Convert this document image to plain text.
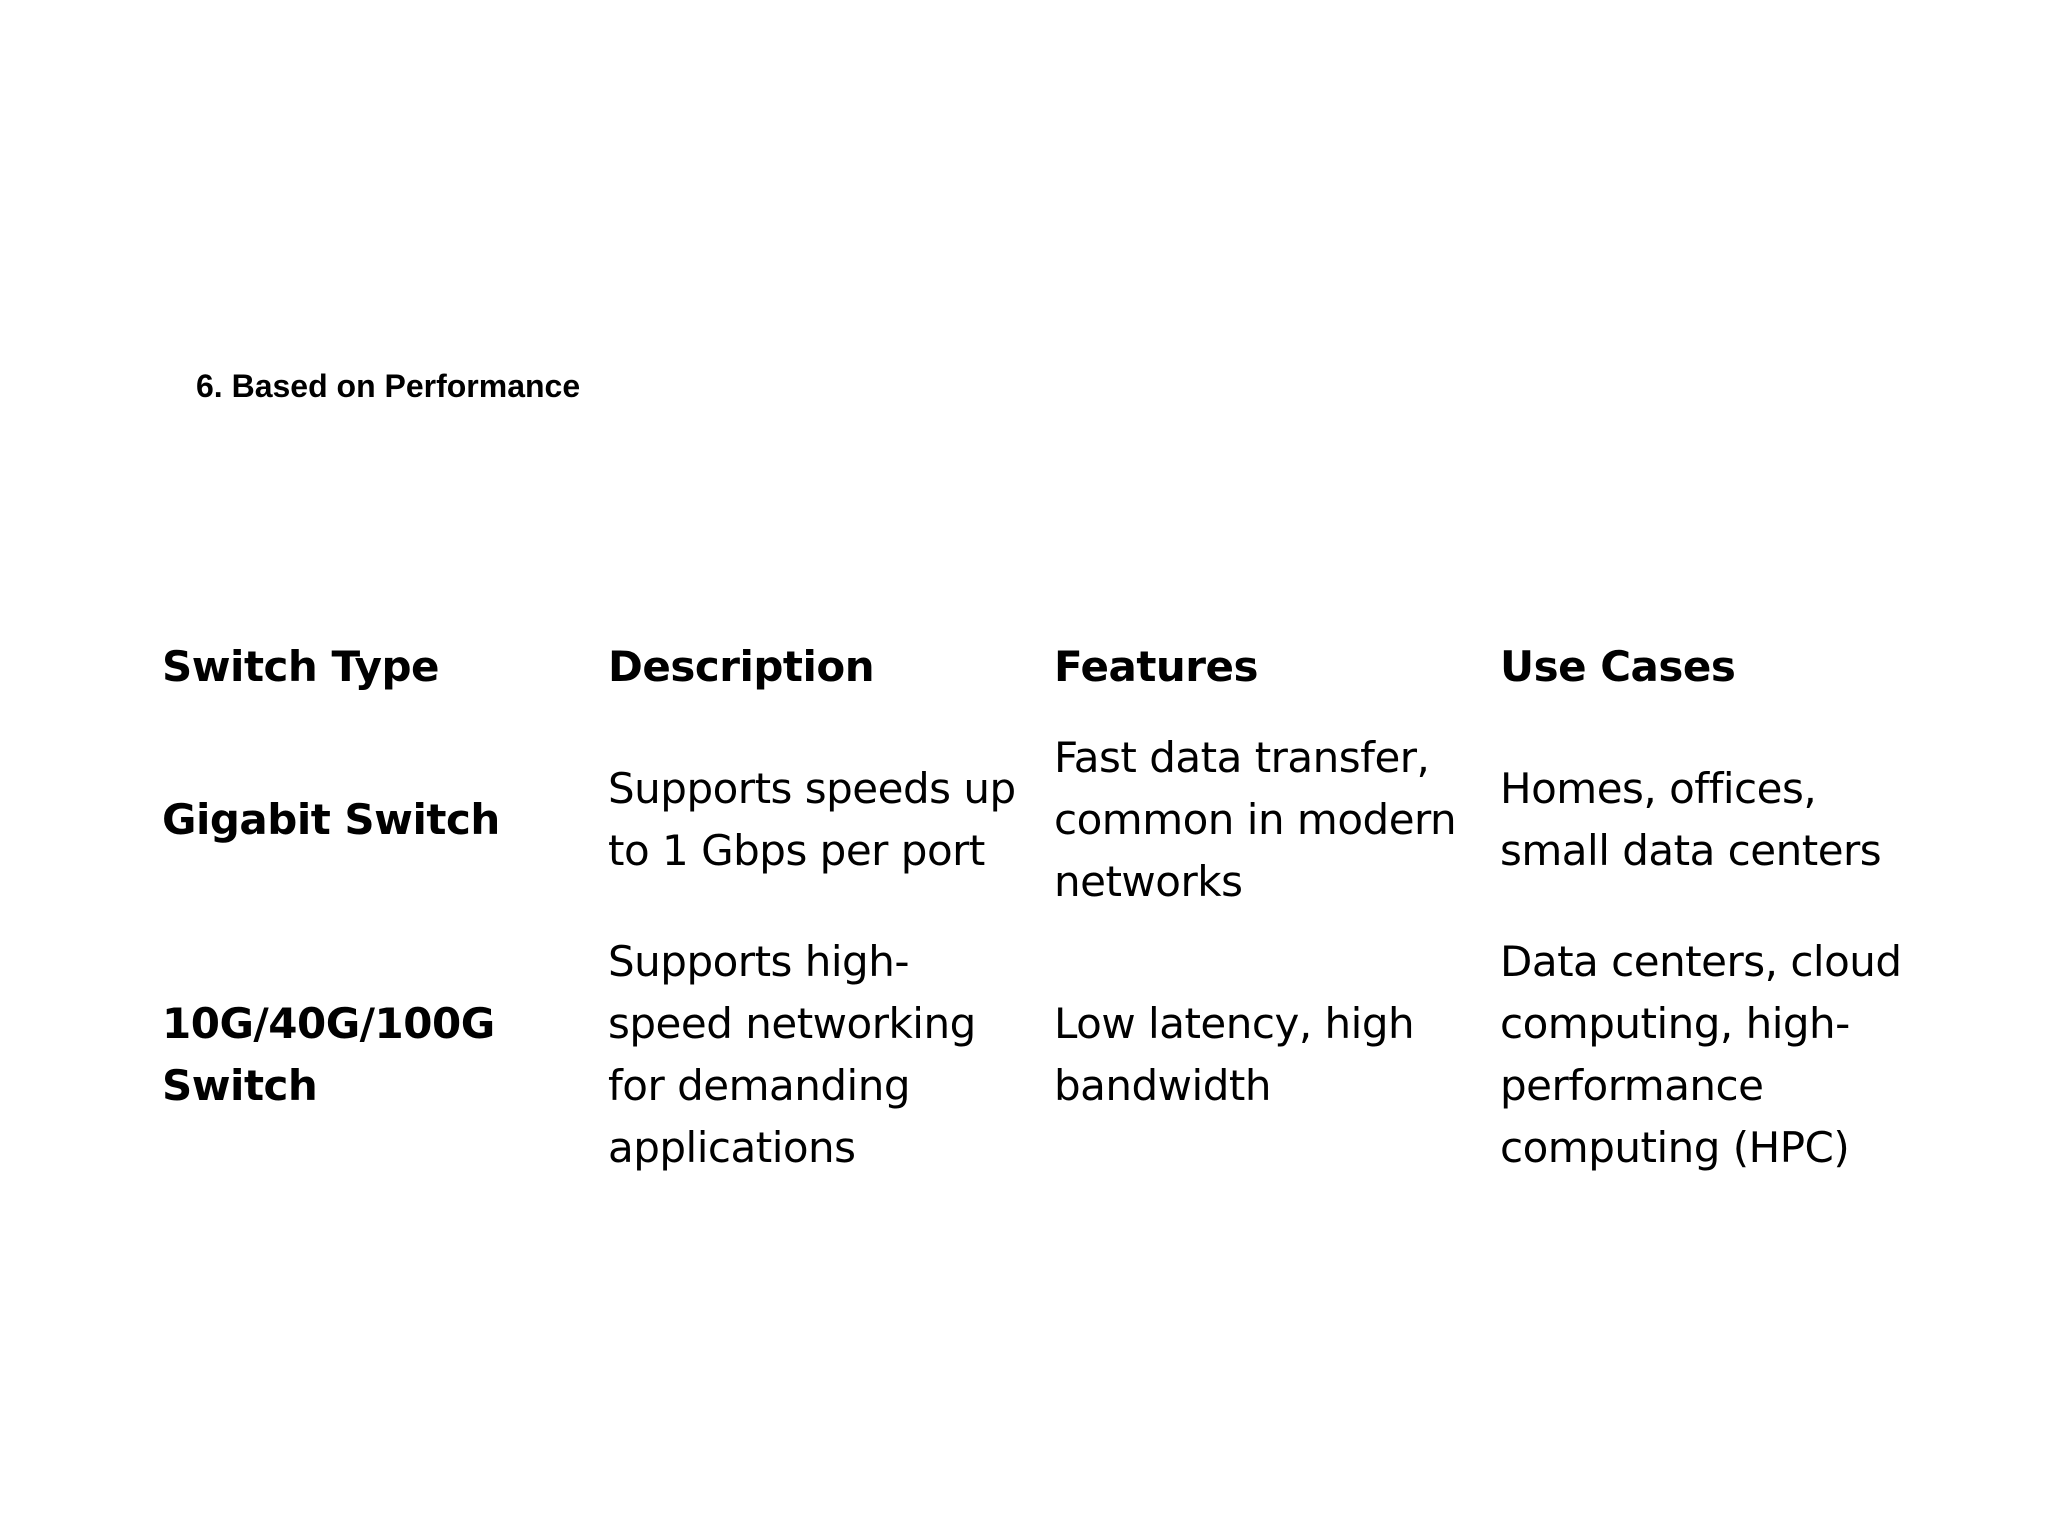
6. Based on Performance
Switch Type	Description	Features	Use Cases
Gigabit Switch	Supports speeds up to 1 Gbps per port	Fast data transfer, common in modern networks	Homes, offices, small data centers

10G/40G/100G Switch	Supports high-speed networking for demanding applications	Low latency, high bandwidth	Data centers, cloud computing, high-performance computing (HPC)
